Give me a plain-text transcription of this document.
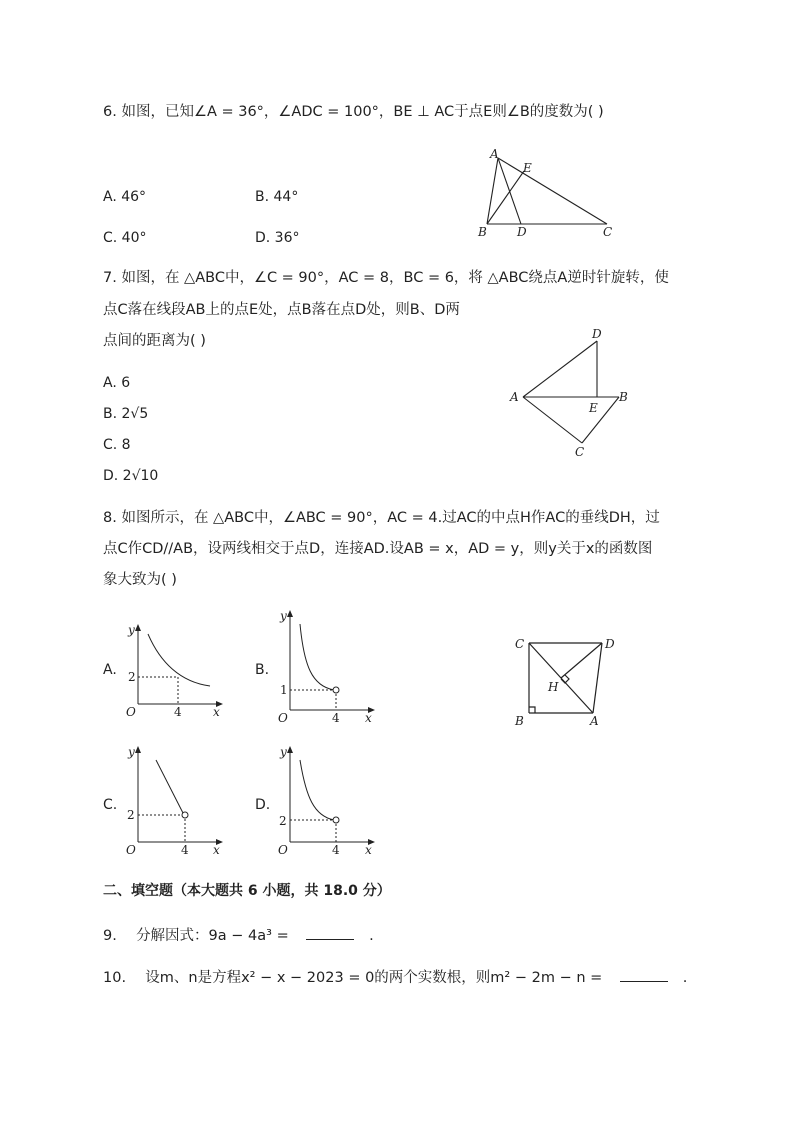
6. 如图，已知∠A = 36°，∠ADC = 100°，BE ⊥ AC于点E则∠B的度数为( )
A. 46°	B. 44°
C. 40°	D. 36°
A
E
B	D	C
7. 如图，在 △ABC中，∠C = 90°，AC = 8，BC = 6，将 △ABC绕点A逆时针旋转，使
点C落在线段AB上的点E处，点B落在点D处，则B、D两
点间的距离为( )
A. 6
B. 2√5
C. 8
D. 2√10
D
A
E
B
C
8. 如图所示，在 △ABC中，∠ABC = 90°，AC = 4.过AC的中点H作AC的垂线DH，过
点C作CD//AB，设两线相交于点D，连接AD.设AB = x，AD = y，则y关于x的函数图
象大致为( )
A.	B.
C.	D.
y
x
O
2
4
y
x
O
1
4
y
x
O
2
4
y
x
O
2
4
C	D
H
B	A
二、填空题（本大题共 6 小题，共 18.0 分）
9. 分解因式：9a − 4a³ =	.
10. 设m、n是方程x² − x − 2023 = 0的两个实数根，则m² − 2m − n =	.
